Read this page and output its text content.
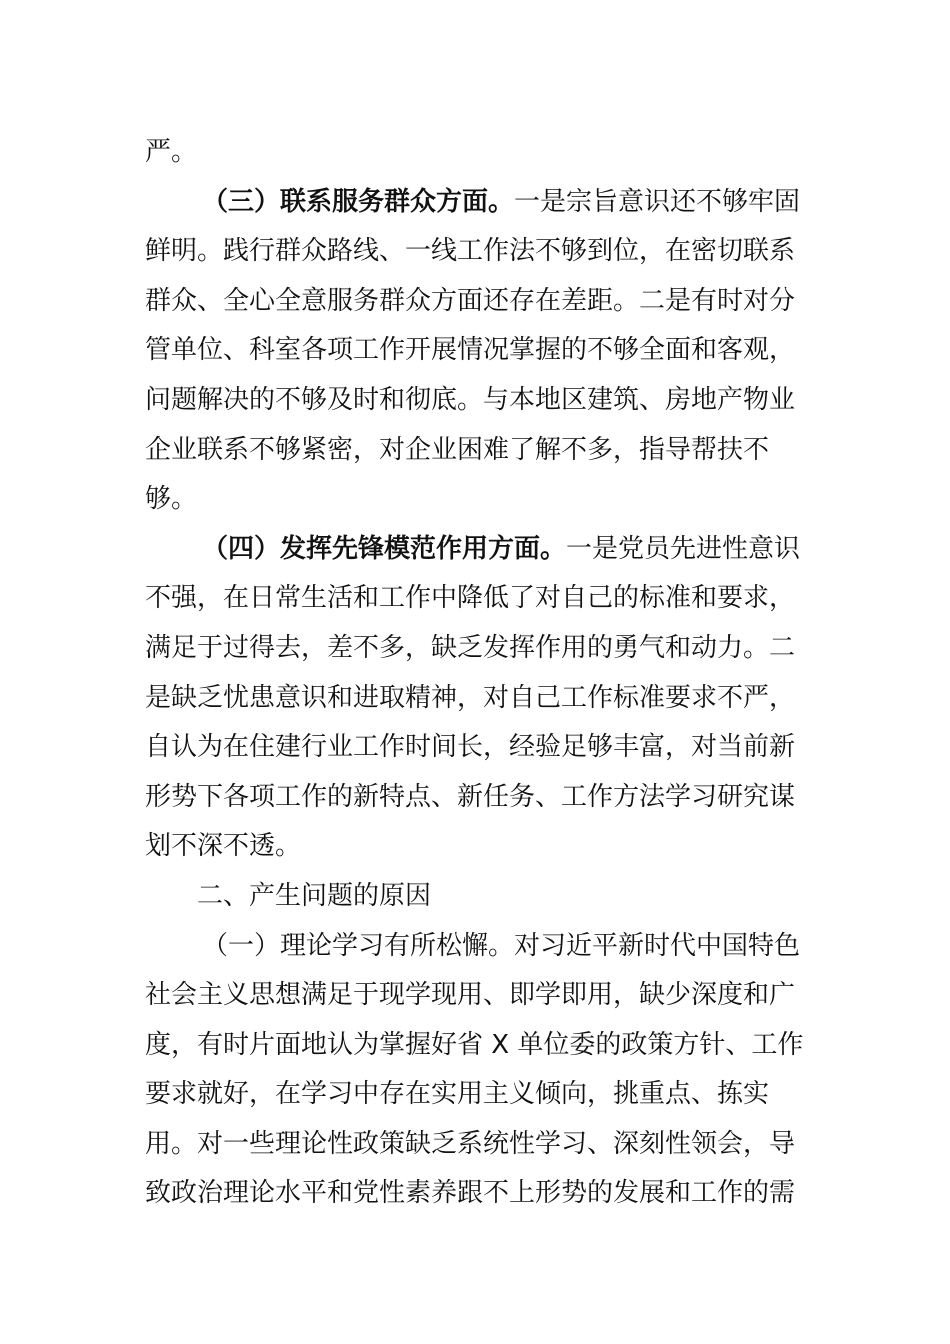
严。
（三）联系服务群众方面。一是宗旨意识还不够牢固
鲜明。践行群众路线、一线工作法不够到位，在密切联系
群众、全心全意服务群众方面还存在差距。二是有时对分
管单位、科室各项工作开展情况掌握的不够全面和客观，
问题解决的不够及时和彻底。与本地区建筑、房地产物业
企业联系不够紧密，对企业困难了解不多，指导帮扶不
够。
（四）发挥先锋模范作用方面。一是党员先进性意识
不强，在日常生活和工作中降低了对自己的标准和要求，
满足于过得去，差不多，缺乏发挥作用的勇气和动力。二
是缺乏忧患意识和进取精神，对自己工作标准要求不严，
自认为在住建行业工作时间长，经验足够丰富，对当前新
形势下各项工作的新特点、新任务、工作方法学习研究谋
划不深不透。
二、产生问题的原因
（一）理论学习有所松懈。对习近平新时代中国特色
社会主义思想满足于现学现用、即学即用，缺少深度和广
度，有时片面地认为掌握好省 X 单位委的政策方针、工作
要求就好，在学习中存在实用主义倾向，挑重点、拣实
用。对一些理论性政策缺乏系统性学习、深刻性领会，导
致政治理论水平和党性素养跟不上形势的发展和工作的需
